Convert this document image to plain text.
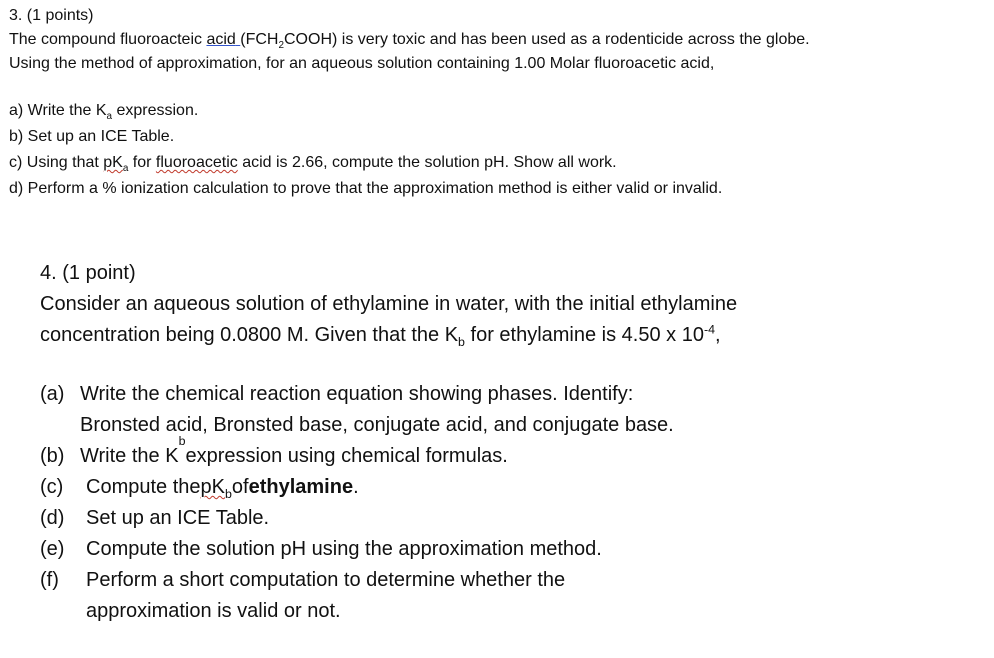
3. (1 points)
The compound fluoroacteic acid $(FCH_2COOH)$ is very toxic and has been used as a rodenticide across the globe.
Using the method of approximation, for an aqueous solution containing 1.00 Molar fluoroacetic acid,
a) Write the $K_a$ expression.
b) Set up an ICE Table.
c) Using that $pK_a$ for fluoroacetic acid is 2.66, compute the solution pH. Show all work.
d) Perform a % ionization calculation to prove that the approximation method is either valid or invalid.
4. (1 point)
Consider an aqueous solution of ethylamine in water, with the initial ethylamine
concentration being 0.0800 M. Given that the $K_b$ for ethylamine is 4.50 x $10^{-4}$,
(a) Write the chemical reaction equation showing phases. Identify:
Bronsted acid, Bronsted base, conjugate acid, and conjugate base.
(b) Write the K
b
expression using chemical formulas.
(c)	Compute the $pK_b$ of ethylamine .
(d)	Set up an ICE Table.
(e)	Compute the solution pH using the approximation method.
(f)	Perform a short computation to determine whether the
approximation is valid or not.
